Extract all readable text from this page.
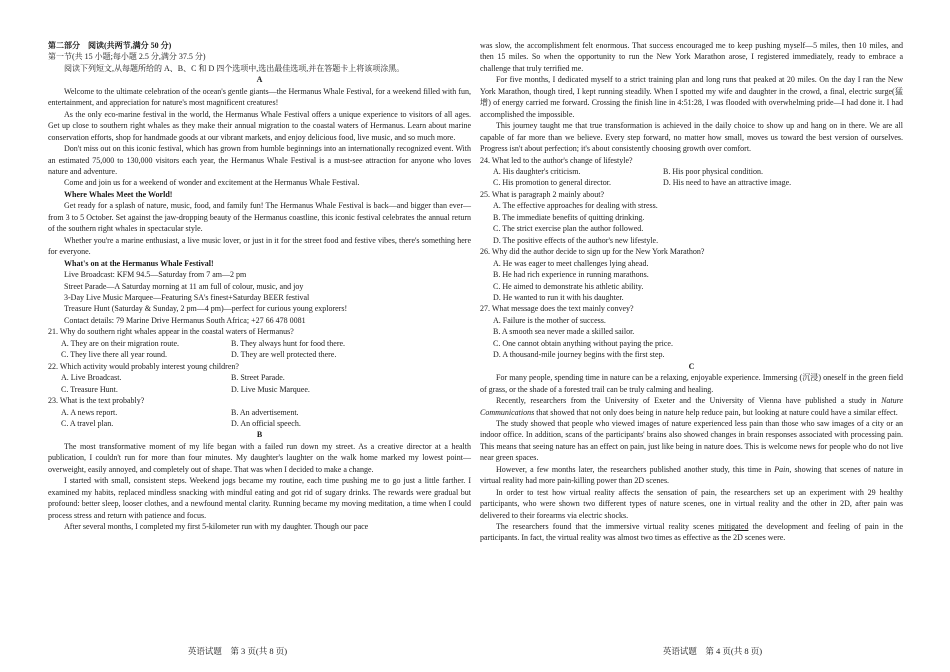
第二部分　阅读(共两节,满分 50 分)

第一节(共 15 小题;每小题 2.5 分,满分 37.5 分)

阅读下列短文,从每题所给的 A、B、C 和 D 四个选项中,选出最佳选项,并在答题卡上将该项涂黑。

A

Welcome to the ultimate celebration of the ocean's gentle giants—the Hermanus Whale Festival, for a weekend filled with fun, entertainment, and appreciation for nature's most magnificent creatures!

As the only eco-marine festival in the world, the Hermanus Whale Festival offers a unique experience to visitors of all ages. Get up close to southern right whales as they make their annual migration to the coastal waters of Hermanus. Learn about marine conservation efforts, shop for handmade goods at our vibrant markets, and enjoy delicious food, live music, and so much more.

Don't miss out on this iconic festival, which has grown from humble beginnings into an internationally recognized event. With an estimated 75,000 to 130,000 visitors each year, the Hermanus Whale Festival is a must-see attraction for anyone who loves nature and adventure.

Come and join us for a weekend of wonder and excitement at the Hermanus Whale Festival.

Where Whales Meet the World!

Get ready for a splash of nature, music, food, and family fun! The Hermanus Whale Festival is back—and bigger than ever—from 3 to 5 October. Set against the jaw-dropping beauty of the Hermanus coastline, this iconic festival celebrates the annual return of the southern right whales in spectacular style.

Whether you're a marine enthusiast, a live music lover, or just in it for the street food and festive vibes, there's something here for everyone.

What's on at the Hermanus Whale Festival!

Live Broadcast: KFM 94.5—Saturday from 7 am—2 pm

Street Parade—A Saturday morning at 11 am full of colour, music, and joy

3-Day Live Music Marquee—Featuring SA's finest+Saturday BEER festival

Treasure Hunt (Saturday & Sunday, 2 pm—4 pm)—perfect for curious young explorers!

Contact details: 79 Marine Drive Hermanus South Africa; +27 66 478 0081

21. Why do southern right whales appear in the coastal waters of Hermanus?

A. They are on their migration route.	B. They always hunt for food there.
C. They live there all year round.	D. They are well protected there.

22. Which activity would probably interest young children?

A. Live Broadcast.	B. Street Parade.
C. Treasure Hunt.	D. Live Music Marquee.

23. What is the text probably?

A. A news report.	B. An advertisement.
C. A travel plan.	D. An official speech.

B

The most transformative moment of my life began with a failed run down my street. As a creative director at a health publication, I couldn't run for more than four minutes. My daughter's laughter on the walk home marked my lowest point—overweight, easily annoyed, and completely out of shape. That was when I decided to make a change.

I started with small, consistent steps. Weekend jogs became my routine, each time pushing me to go just a little farther. I examined my habits, replaced mindless snacking with mindful eating and got rid of sugary drinks. The rewards were gradual but profound: better sleep, looser clothes, and a newfound mental clarity. Running became my moving meditation, a time when I could process stress and return with patience and focus.

After several months, I completed my first 5-kilometer run with my daughter. Though our pace

was slow, the accomplishment felt enormous. That success encouraged me to keep pushing myself—5 miles, then 10 miles, and then 15 miles. So when the opportunity to run the New York Marathon arose, I registered immediately, ready to embrace a challenge that truly terrified me.

For five months, I dedicated myself to a strict training plan and long runs that peaked at 20 miles. On the day I ran the New York Marathon, though tired, I kept running steadily. When I spotted my wife and daughter in the crowd, a final, electric surge(猛增) of energy carried me forward. Crossing the finish line in 4:51:28, I was flooded with overwhelming pride—I had done it. I had accomplished the impossible.

This journey taught me that true transformation is achieved in the daily choice to show up and hang on in there. We are all capable of far more than we believe. Every step forward, no matter how small, moves us toward the best version of ourselves. Progress isn't about perfection; it's about consistently choosing growth over comfort.

24. What led to the author's change of lifestyle?

A. His daughter's criticism.	B. His poor physical condition.
C. His promotion to general director.	D. His need to have an attractive image.

25. What is paragraph 2 mainly about?

A. The effective approaches for dealing with stress.

B. The immediate benefits of quitting drinking.

C. The strict exercise plan the author followed.

D. The positive effects of the author's new lifestyle.

26. Why did the author decide to sign up for the New York Marathon?

A. He was eager to meet challenges lying ahead.

B. He had rich experience in running marathons.

C. He aimed to demonstrate his athletic ability.

D. He wanted to run it with his daughter.

27. What message does the text mainly convey?

A. Failure is the mother of success.

B. A smooth sea never made a skilled sailor.

C. One cannot obtain anything without paying the price.

D. A thousand-mile journey begins with the first step.

C

For many people, spending time in nature can be a relaxing, enjoyable experience. Immersing (沉浸) oneself in the green field of grass, or the shade of a forested trail can be truly calming and healing.

Recently, researchers from the University of Exeter and the University of Vienna have published a study in Nature Communications that showed that not only does being in nature help reduce pain, but looking at nature could have a similar effect.

The study showed that people who viewed images of nature experienced less pain than those who saw images of a city or an indoor office. In addition, scans of the participants' brains also showed changes in brain responses associated with processing pain. This means that seeing nature has an effect on pain, just like being in nature does. This is welcome news for people who do not live near green spaces.

However, a few months later, the researchers published another study, this time in Pain, showing that scenes of nature in virtual reality had more pain-killing power than 2D scenes.

In order to test how virtual reality affects the sensation of pain, the researchers set up an experiment with 29 healthy participants, who were shown two different types of nature scenes, one in virtual reality and the other in 2D, after pain was delivered to their forearms via electric shocks.

The researchers found that the immersive virtual reality scenes mitigated the development and feeling of pain in the participants. In fact, the virtual reality was almost two times as effective as the 2D scenes were.

英语试题　第 3 页(共 8 页)	英语试题　第 4 页(共 8 页)
